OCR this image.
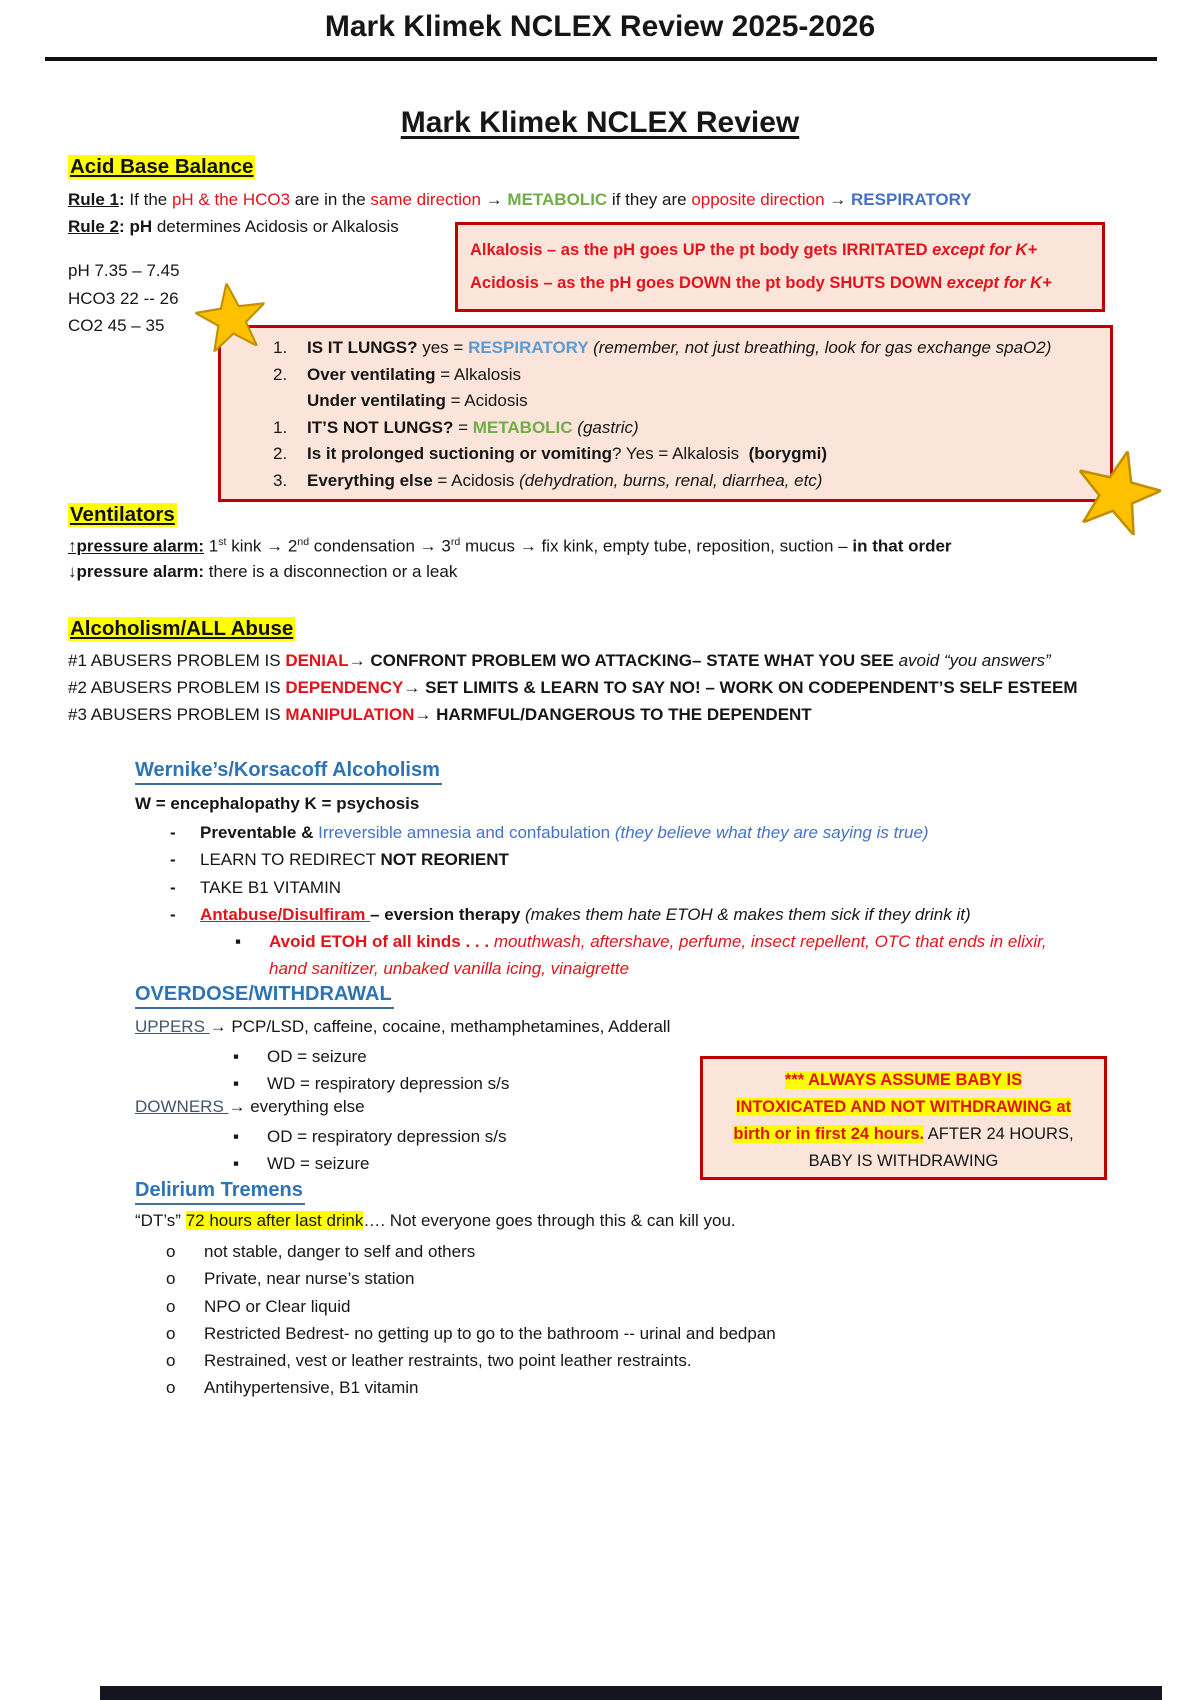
Mark Klimek NCLEX Review 2025-2026
Mark Klimek NCLEX Review
Acid Base Balance
Rule 1: If the pH & the HCO3 are in the same direction → METABOLIC if they are opposite direction → RESPIRATORY
Rule 2: pH determines Acidosis or Alkalosis
pH 7.35 – 7.45
HCO3 22 -- 26
CO2 45 – 35
Alkalosis – as the pH goes UP the pt body gets IRRITATED except for K+
Acidosis – as the pH goes DOWN the pt body SHUTS DOWN except for K+
1.	IS IT LUNGS? yes = RESPIRATORY (remember, not just breathing, look for gas exchange spaO2)
2.	Over ventilating = Alkalosis
Under ventilating = Acidosis
1.	IT’S NOT LUNGS? = METABOLIC (gastric)
2.	Is it prolonged suctioning or vomiting? Yes = Alkalosis  (borygmi)
3.	Everything else = Acidosis (dehydration, burns, renal, diarrhea, etc)
Ventilators
↑pressure alarm: 1st kink → 2nd condensation → 3rd mucus → fix kink, empty tube, reposition, suction – in that order
↓pressure alarm: there is a disconnection or a leak
Alcoholism/ALL Abuse
#1 ABUSERS PROBLEM IS DENIAL→ CONFRONT PROBLEM WO ATTACKING– STATE WHAT YOU SEE avoid “you answers”
#2 ABUSERS PROBLEM IS DEPENDENCY→ SET LIMITS & LEARN TO SAY NO! – WORK ON CODEPENDENT’S SELF ESTEEM
#3 ABUSERS PROBLEM IS MANIPULATION→ HARMFUL/DANGEROUS TO THE DEPENDENT
Wernike’s/Korsacoff Alcoholism
W = encephalopathy K = psychosis
-	Preventable & Irreversible amnesia and confabulation (they believe what they are saying is true)
-	LEARN TO REDIRECT NOT REORIENT
-	TAKE B1 VITAMIN
-	Antabuse/Disulfiram – eversion therapy (makes them hate ETOH & makes them sick if they drink it)
▪	Avoid ETOH of all kinds . . . mouthwash, aftershave, perfume, insect repellent, OTC that ends in elixir, hand sanitizer, unbaked vanilla icing, vinaigrette
OVERDOSE/WITHDRAWAL
UPPERS → PCP/LSD, caffeine, cocaine, methamphetamines, Adderall
▪	OD = seizure
▪	WD = respiratory depression s/s
DOWNERS → everything else
▪	OD = respiratory depression s/s
▪	WD = seizure
*** ALWAYS ASSUME BABY IS
INTOXICATED AND NOT WITHDRAWING at
birth or in first 24 hours. AFTER 24 HOURS,
BABY IS WITHDRAWING
Delirium Tremens
“DT’s” 72 hours after last drink…. Not everyone goes through this & can kill you.
o	not stable, danger to self and others
o	Private, near nurse’s station
o	NPO or Clear liquid
o	Restricted Bedrest- no getting up to go to the bathroom -- urinal and bedpan
o	Restrained, vest or leather restraints, two point leather restraints.
o	Antihypertensive, B1 vitamin
